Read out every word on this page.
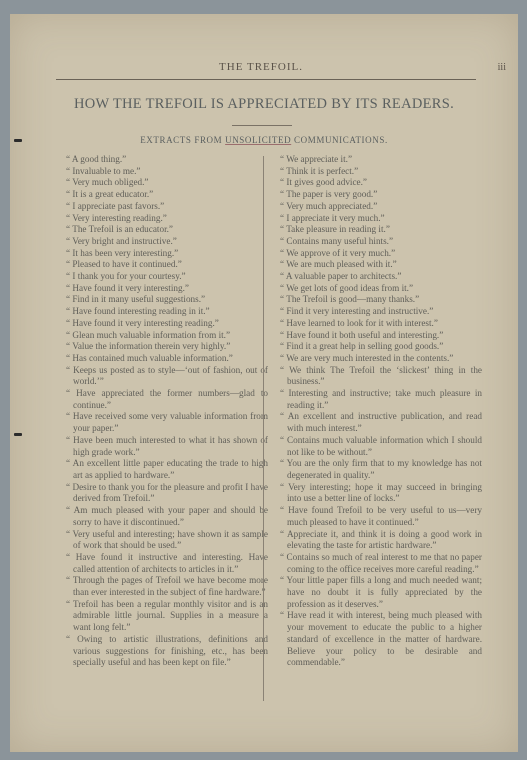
THE TREFOIL.	iii
HOW THE TREFOIL IS APPRECIATED BY ITS READERS.
EXTRACTS FROM UNSOLICITED COMMUNICATIONS.
“ A good thing.”
“ Invaluable to me.”
“ Very much obliged.”
“ It is a great educator.”
“ I appreciate past favors.”
“ Very interesting reading.”
“ The Trefoil is an educator.”
“ Very bright and instructive.”
“ It has been very interesting.”
“ Pleased to have it continued.”
“ I thank you for your courtesy.”
“ Have found it very interesting.”
“ Find in it many useful suggestions.”
“ Have found interesting reading in it.”
“ Have found it very interesting reading.”
“ Glean much valuable information from it.”
“ Value the information therein very highly.”
“ Has contained much valuable information.”
“ Keeps us posted as to style—‘out of fashion, out of world.’”
“ Have appreciated the former numbers—glad to continue.”
“ Have received some very valuable information from your paper.”
“ Have been much interested to what it has shown of high grade work.”
“ An excellent little paper educating the trade to high art as applied to hardware.”
“ Desire to thank you for the pleasure and profit I have derived from Trefoil.”
“ Am much pleased with your paper and should be sorry to have it discontinued.”
“ Very useful and interesting; have shown it as sample of work that should be used.”
“ Have found it instructive and interesting. Have called attention of architects to articles in it.”
“ Through the pages of Trefoil we have become more than ever interested in the subject of fine hardware.”
“ Trefoil has been a regular monthly visitor and is an admirable little journal. Supplies in a measure a want long felt.”
“ Owing to artistic illustrations, definitions and various suggestions for finishing, etc., has been specially useful and has been kept on file.”
“ We appreciate it.”
“ Think it is perfect.”
“ It gives good advice.”
“ The paper is very good.”
“ Very much appreciated.”
“ I appreciate it very much.”
“ Take pleasure in reading it.”
“ Contains many useful hints.”
“ We approve of it very much.”
“ We are much pleased with it.”
“ A valuable paper to architects.”
“ We get lots of good ideas from it.”
“ The Trefoil is good—many thanks.”
“ Find it very interesting and instructive.”
“ Have learned to look for it with interest.”
“ Have found it both useful and interesting.”
“ Find it a great help in selling good goods.”
“ We are very much interested in the contents.”
“ We think The Trefoil the ‘slickest’ thing in the business.”
“ Interesting and instructive; take much pleasure in reading it.”
“ An excellent and instructive publication, and read with much interest.”
“ Contains much valuable information which I should not like to be without.”
“ You are the only firm that to my knowledge has not degenerated in quality.”
“ Very interesting; hope it may succeed in bringing into use a better line of locks.”
“ Have found Trefoil to be very useful to us—very much pleased to have it continued.”
“ Appreciate it, and think it is doing a good work in elevating the taste for artistic hardware.”
“ Contains so much of real interest to me that no paper coming to the office receives more careful reading.”
“ Your little paper fills a long and much needed want; have no doubt it is fully appreciated by the profession as it deserves.”
“ Have read it with interest, being much pleased with your movement to educate the public to a higher standard of excellence in the matter of hardware. Believe your policy to be desirable and commendable.”
